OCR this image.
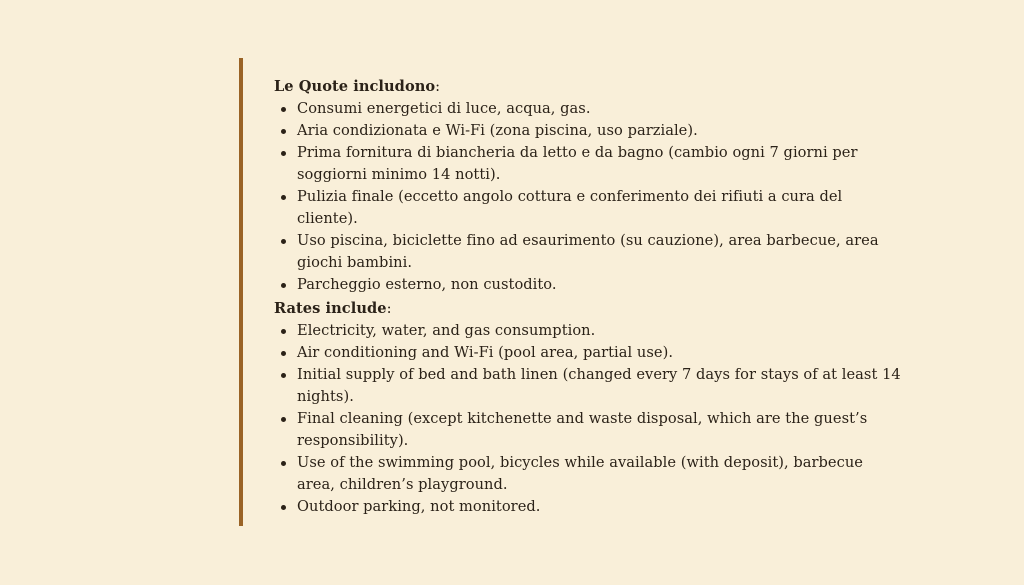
Le Quote includono:

Consumi energetici di luce, acqua, gas.
Aria condizionata e Wi-Fi (zona piscina, uso parziale).
Prima fornitura di biancheria da letto e da bagno (cambio ogni 7 giorni per soggiorni minimo 14 notti).
Pulizia finale (eccetto angolo cottura e conferimento dei rifiuti a cura del cliente).
Uso piscina, biciclette fino ad esaurimento (su cauzione), area barbecue, area giochi bambini.
Parcheggio esterno, non custodito.

Rates include:

Electricity, water, and gas consumption.
Air conditioning and Wi-Fi (pool area, partial use).
Initial supply of bed and bath linen (changed every 7 days for stays of at least 14 nights).
Final cleaning (except kitchenette and waste disposal, which are the guest’s responsibility).
Use of the swimming pool, bicycles while available (with deposit), barbecue area, children’s playground.
Outdoor parking, not monitored.
